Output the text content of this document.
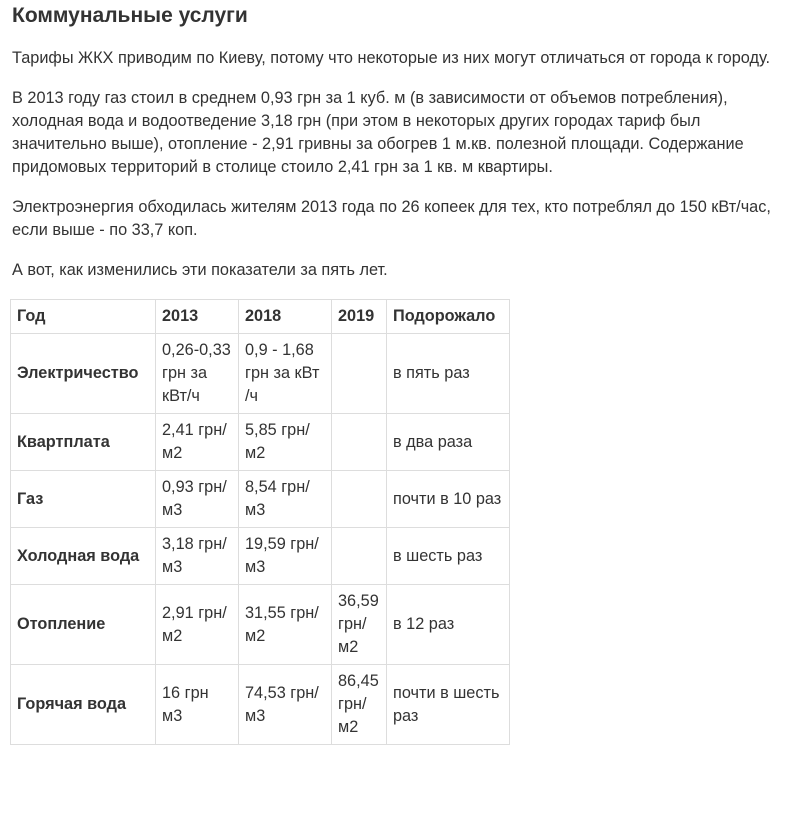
Коммунальные услуги

Тарифы ЖКХ приводим по Киеву, потому что некоторые из них могут отличаться от города к городу.

В 2013 году газ стоил в среднем 0,93 грн за 1 куб. м (в зависимости от объемов потребления), холодная вода и водоотведение 3,18 грн (при этом в некоторых других городах тариф был значительно выше), отопление - 2,91 гривны за обогрев 1 м.кв. полезной площади. Содержание придомовых территорий в столице стоило 2,41 грн за 1 кв. м квартиры.

Электроэнергия обходилась жителям 2013 года по 26 копеек для тех, кто потреблял до 150 кВт/час, если выше - по 33,7 коп.

А вот, как изменились эти показатели за пять лет.

Год	2013	2018	2019	Подорожало
Электричество	0,26-0,33 грн за кВт/ч	0,9 - 1,68 грн за кВт /ч		в пять раз
Квартплата	2,41 грн/м2	5,85 грн/м2		в два раза
Газ	0,93 грн/м3	8,54 грн/м3		почти в 10 раз
Холодная вода	3,18 грн/м3	19,59 грн/м3		в шесть раз
Отопление	2,91 грн/м2	31,55 грн/м2	36,59 грн/м2	в 12 раз
Горячая вода	16 грн м3	74,53 грн/м3	86,45 грн/м2	почти в шесть раз
